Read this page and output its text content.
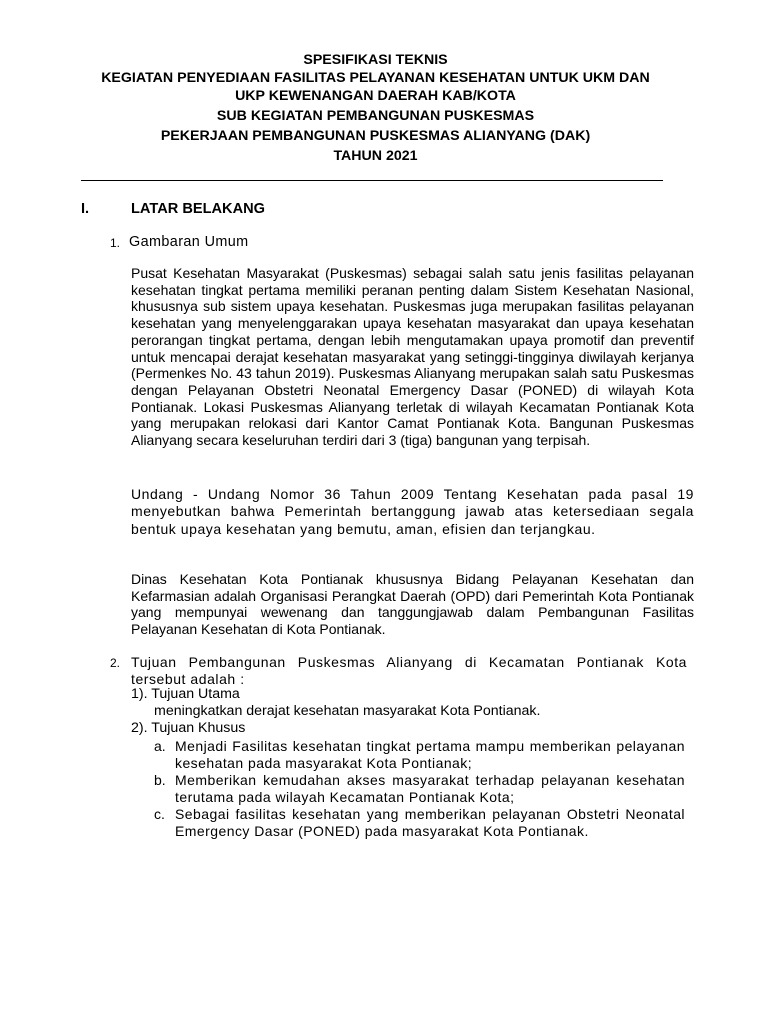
SPESIFIKASI TEKNIS

KEGIATAN PENYEDIAAN FASILITAS PELAYANAN KESEHATAN UNTUK UKM DAN

UKP KEWENANGAN DAERAH KAB/KOTA

SUB KEGIATAN PEMBANGUNAN PUSKESMAS

PEKERJAAN PEMBANGUNAN PUSKESMAS ALIANYANG (DAK)

TAHUN 2021

I.	LATAR BELAKANG
1. Gambaran Umum

Pusat Kesehatan Masyarakat (Puskesmas) sebagai salah satu jenis fasilitas pelayanan kesehatan tingkat pertama memiliki peranan penting dalam Sistem Kesehatan Nasional, khususnya sub sistem upaya kesehatan. Puskesmas juga merupakan fasilitas pelayanan kesehatan yang menyelenggarakan upaya kesehatan masyarakat dan upaya kesehatan perorangan tingkat pertama, dengan lebih mengutamakan upaya promotif dan preventif untuk mencapai derajat kesehatan masyarakat yang setinggi-tingginya diwilayah kerjanya (Permenkes No. 43 tahun 2019). Puskesmas Alianyang merupakan salah satu Puskesmas dengan Pelayanan Obstetri Neonatal Emergency Dasar (PONED) di wilayah Kota Pontianak. Lokasi Puskesmas Alianyang terletak di wilayah Kecamatan Pontianak Kota yang merupakan relokasi dari Kantor Camat Pontianak Kota. Bangunan Puskesmas Alianyang secara keseluruhan terdiri dari 3 (tiga) bangunan yang terpisah.

Undang - Undang Nomor 36 Tahun 2009 Tentang Kesehatan pada pasal 19 menyebutkan bahwa Pemerintah bertanggung jawab atas ketersediaan segala bentuk upaya kesehatan yang bemutu, aman, efisien dan terjangkau.

Dinas Kesehatan Kota Pontianak khususnya Bidang Pelayanan Kesehatan dan Kefarmasian adalah Organisasi Perangkat Daerah (OPD) dari Pemerintah Kota Pontianak yang mempunyai wewenang dan tanggungjawab dalam Pembangunan Fasilitas Pelayanan Kesehatan di Kota Pontianak.

2. Tujuan Pembangunan Puskesmas Alianyang di Kecamatan Pontianak Kota tersebut adalah :

1). Tujuan Utama

meningkatkan derajat kesehatan masyarakat Kota Pontianak.

2). Tujuan Khusus

a. Menjadi Fasilitas kesehatan tingkat pertama mampu memberikan pelayanan kesehatan pada masyarakat Kota Pontianak;

b. Memberikan kemudahan akses masyarakat terhadap pelayanan kesehatan terutama pada wilayah Kecamatan Pontianak Kota;

c. Sebagai fasilitas kesehatan yang memberikan pelayanan Obstetri Neonatal Emergency Dasar (PONED) pada masyarakat Kota Pontianak.
